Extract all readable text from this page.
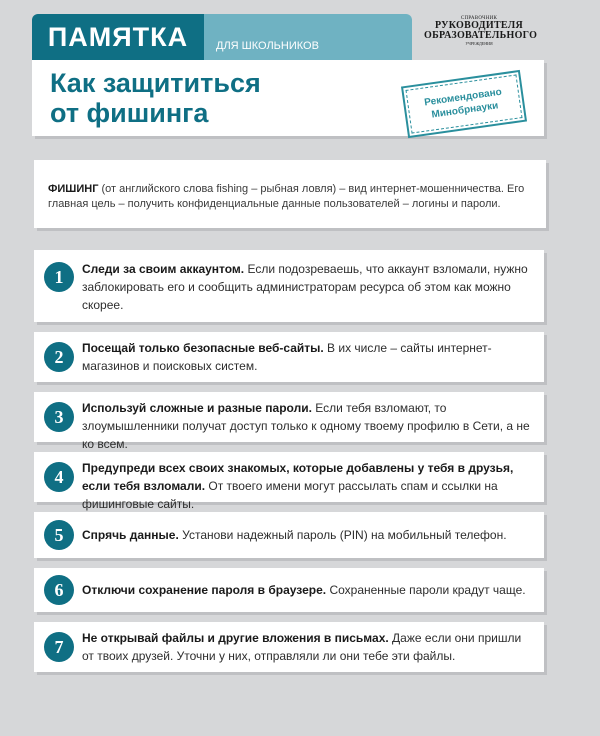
ПАМЯТКА	ДЛЯ ШКОЛЬНИКОВ
СПРАВОЧНИК
РУКОВОДИТЕЛЯ
ОБРАЗОВАТЕЛЬНОГО
УЧРЕЖДЕНИЯ
Как защититься
от фишинга
Рекомендовано
Минобрнауки

ФИШИНГ (от английского слова fishing – рыбная ловля) – вид интернет-мошенничества. Его главная цель – получить конфиденциальные данные пользователей – логины и пароли.

1	Следи за своим аккаунтом. Если подозреваешь, что аккаунт взломали, нужно заблокировать его и сообщить администраторам ресурса об этом как можно скорее.
2	Посещай только безопасные веб-сайты. В их числе – сайты интернет-магазинов и поисковых систем.
3	Используй сложные и разные пароли. Если тебя взломают, то злоумышленники получат доступ только к одному твоему профилю в Сети, а не ко всем.
4	Предупреди всех своих знакомых, которые добавлены у тебя в друзья, если тебя взломали. От твоего имени могут рассылать спам и ссылки на фишинговые сайты.
5	Спрячь данные. Установи надежный пароль (PIN) на мобильный телефон.
6	Отключи сохранение пароля в браузере. Сохраненные пароли крадут чаще.
7	Не открывай файлы и другие вложения в письмах. Даже если они пришли от твоих друзей. Уточни у них, отправляли ли они тебе эти файлы.
